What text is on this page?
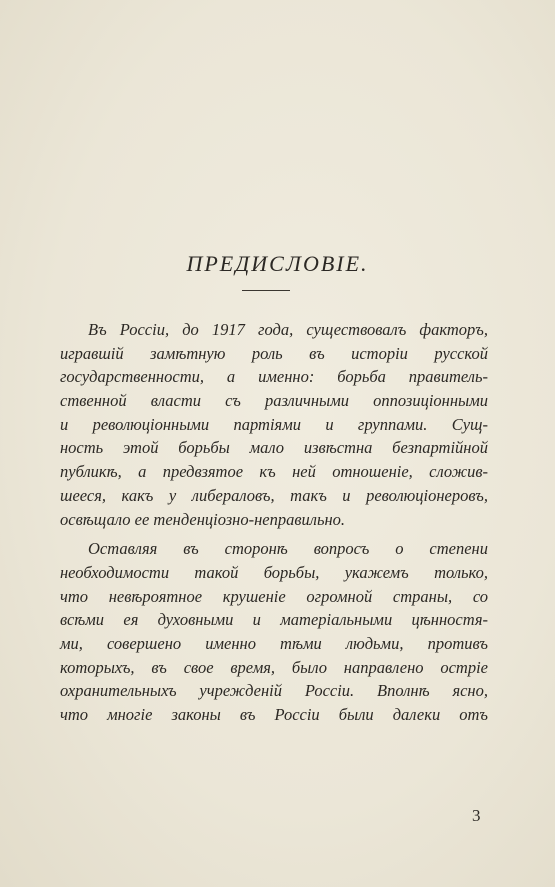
ПРЕДИСЛОВІЕ.
Въ Россіи, до 1917 года, существовалъ факторъ,
игравшій замѣтную роль въ исторіи русской
государственности, а именно: борьба правитель-
ственной власти съ различными оппозиціонными
и революціонными партіями и группами. Сущ-
ность этой борьбы мало извѣстна безпартійной
публикѣ, а предвзятое къ ней отношеніе, сложив-
шееся, какъ у либераловъ, такъ и революціонеровъ,
освѣщало ее тенденціозно-неправильно.
Оставляя въ сторонѣ вопросъ о степени
необходимости такой борьбы, укажемъ только,
что невѣроятное крушеніе огромной страны, со
всѣми ея духовными и матеріальными цѣнностя-
ми, совершено именно тѣми людьми, противъ
которыхъ, въ свое время, было направлено остріе
охранительныхъ учрежденій Россіи. Вполнѣ ясно,
что многіе законы въ Россіи были далеки отъ
3
